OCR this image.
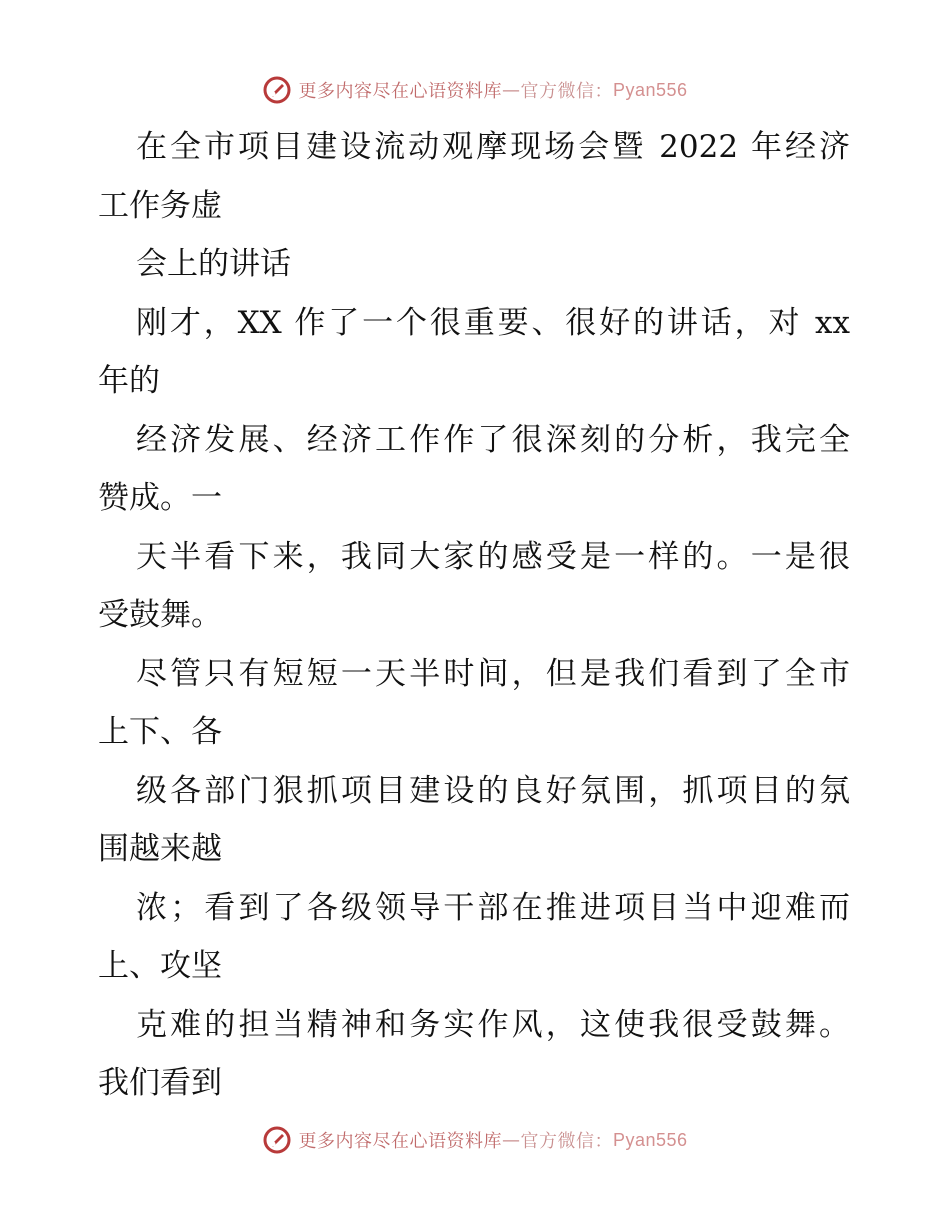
更多内容尽在心语资料库 — 官方微信： Pyan556
在全市项目建设流动观摩现场会暨 2022 年经济
工作务虚
会上的讲话
刚才，XX 作了一个很重要、很好的讲话，对 xx
年的
经济发展、经济工作作了很深刻的分析，我完全
赞成。一
天半看下来，我同大家的感受是一样的。一是很
受鼓舞。
尽管只有短短一天半时间，但是我们看到了全市
上下、各
级各部门狠抓项目建设的良好氛围，抓项目的氛
围越来越
浓；看到了各级领导干部在推进项目当中迎难而
上、攻坚
克难的担当精神和务实作风，这使我很受鼓舞。
我们看到
更多内容尽在心语资料库 — 官方微信： Pyan556
